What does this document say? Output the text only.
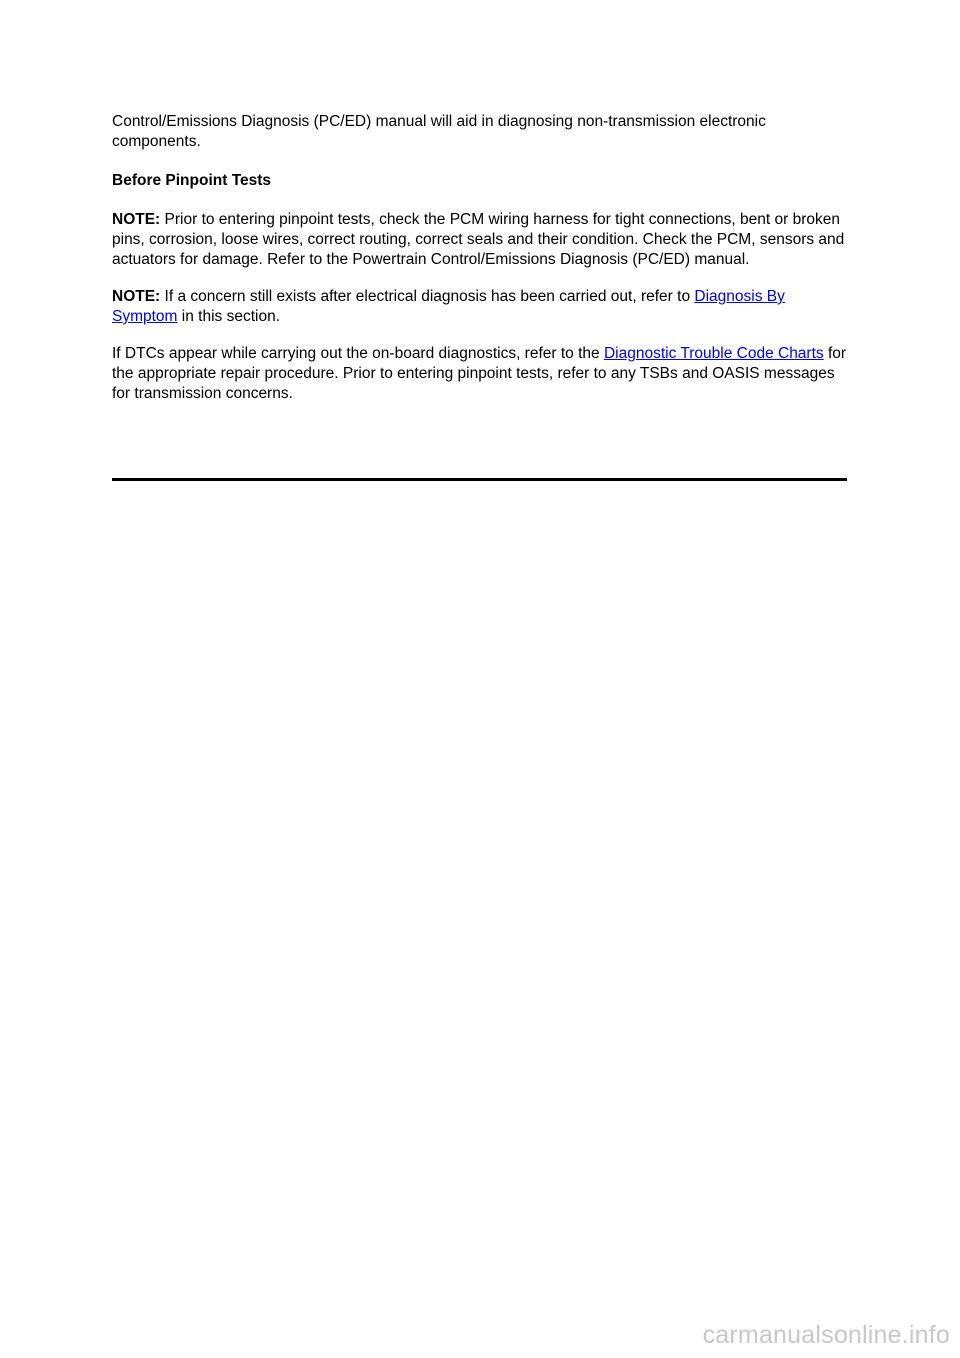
Control/Emissions Diagnosis (PC/ED) manual will aid in diagnosing non-transmission electronic components.

Before Pinpoint Tests

NOTE: Prior to entering pinpoint tests, check the PCM wiring harness for tight connections, bent or broken pins, corrosion, loose wires, correct routing, correct seals and their condition. Check the PCM, sensors and actuators for damage. Refer to the Powertrain Control/Emissions Diagnosis (PC/ED) manual.

NOTE: If a concern still exists after electrical diagnosis has been carried out, refer to Diagnosis By Symptom in this section.

If DTCs appear while carrying out the on-board diagnostics, refer to the Diagnostic Trouble Code Charts for the appropriate repair procedure. Prior to entering pinpoint tests, refer to any TSBs and OASIS messages for transmission concerns.

carmanualsonline.info
